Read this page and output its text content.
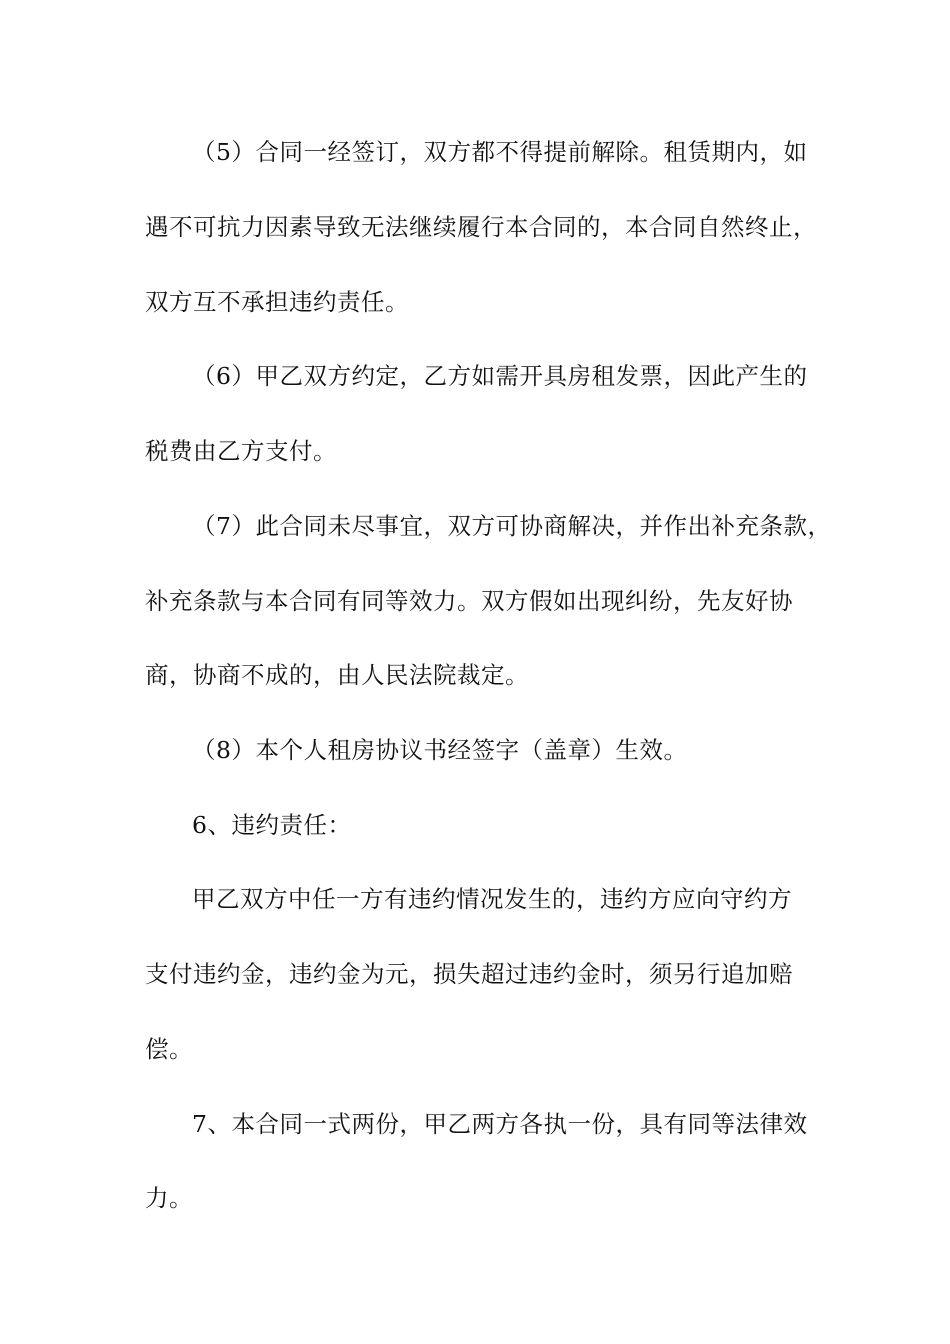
（5）合同一经签订，双方都不得提前解除。租赁期内，如

遇不可抗力因素导致无法继续履行本合同的，本合同自然终止，

双方互不承担违约责任。

（6）甲乙双方约定，乙方如需开具房租发票，因此产生的

税费由乙方支付。

（7）此合同未尽事宜，双方可协商解决，并作出补充条款，

补充条款与本合同有同等效力。双方假如出现纠纷，先友好协

商，协商不成的，由人民法院裁定。

（8）本个人租房协议书经签字（盖章）生效。

6、违约责任：

甲乙双方中任一方有违约情况发生的，违约方应向守约方

支付违约金，违约金为元，损失超过违约金时，须另行追加赔

偿。

7、本合同一式两份，甲乙两方各执一份，具有同等法律效

力。
